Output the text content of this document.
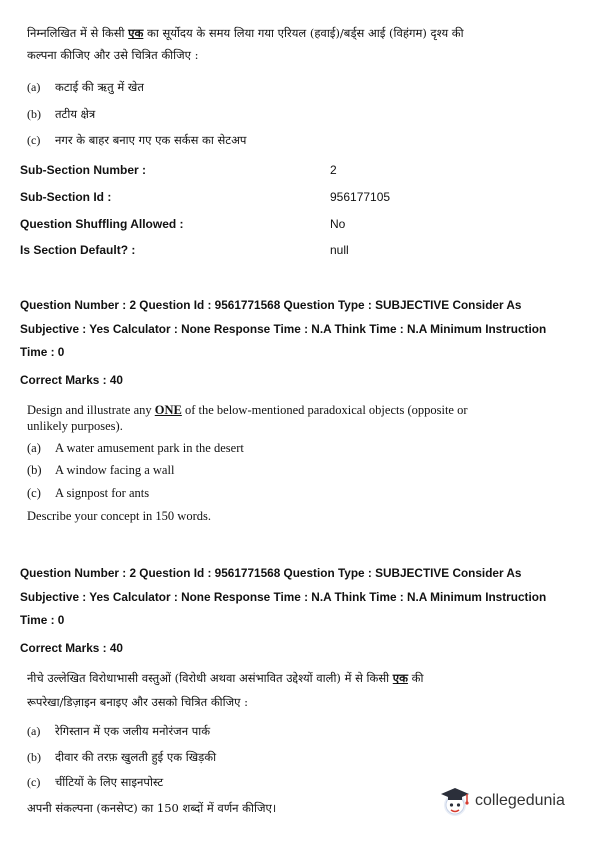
निम्नलिखित में से किसी एक का सूर्योदय के समय लिया गया एरियल (हवाई)/बर्ड्स आई (विहंगम) दृश्य की
कल्पना कीजिए और उसे चित्रित कीजिए :
(a) कटाई की ऋतु में खेत
(b) तटीय क्षेत्र
(c) नगर के बाहर बनाए गए एक सर्कस का सेटअप
Sub-Section Number :	2
Sub-Section Id :	956177105
Question Shuffling Allowed :	No
Is Section Default? :	null
Question Number : 2 Question Id : 9561771568 Question Type : SUBJECTIVE Consider As
Subjective : Yes Calculator : None Response Time : N.A Think Time : N.A Minimum Instruction
Time : 0
Correct Marks : 40
Design and illustrate any ONE of the below-mentioned paradoxical objects (opposite or
unlikely purposes).
(a) A water amusement park in the desert
(b) A window facing a wall
(c) A signpost for ants
Describe your concept in 150 words.
Question Number : 2 Question Id : 9561771568 Question Type : SUBJECTIVE Consider As
Subjective : Yes Calculator : None Response Time : N.A Think Time : N.A Minimum Instruction
Time : 0
Correct Marks : 40
नीचे उल्लेखित विरोधाभासी वस्तुओं (विरोधी अथवा असंभावित उद्देश्यों वाली) में से किसी एक की
रूपरेखा/डिज़ाइन बनाइए और उसको चित्रित कीजिए :
(a) रेगिस्तान में एक जलीय मनोरंजन पार्क
(b) दीवार की तरफ़ खुलती हुई एक खिड़की
(c) चींटियों के लिए साइनपोस्ट
अपनी संकल्पना (कनसेप्ट) का 150 शब्दों में वर्णन कीजिए।	collegedunia
